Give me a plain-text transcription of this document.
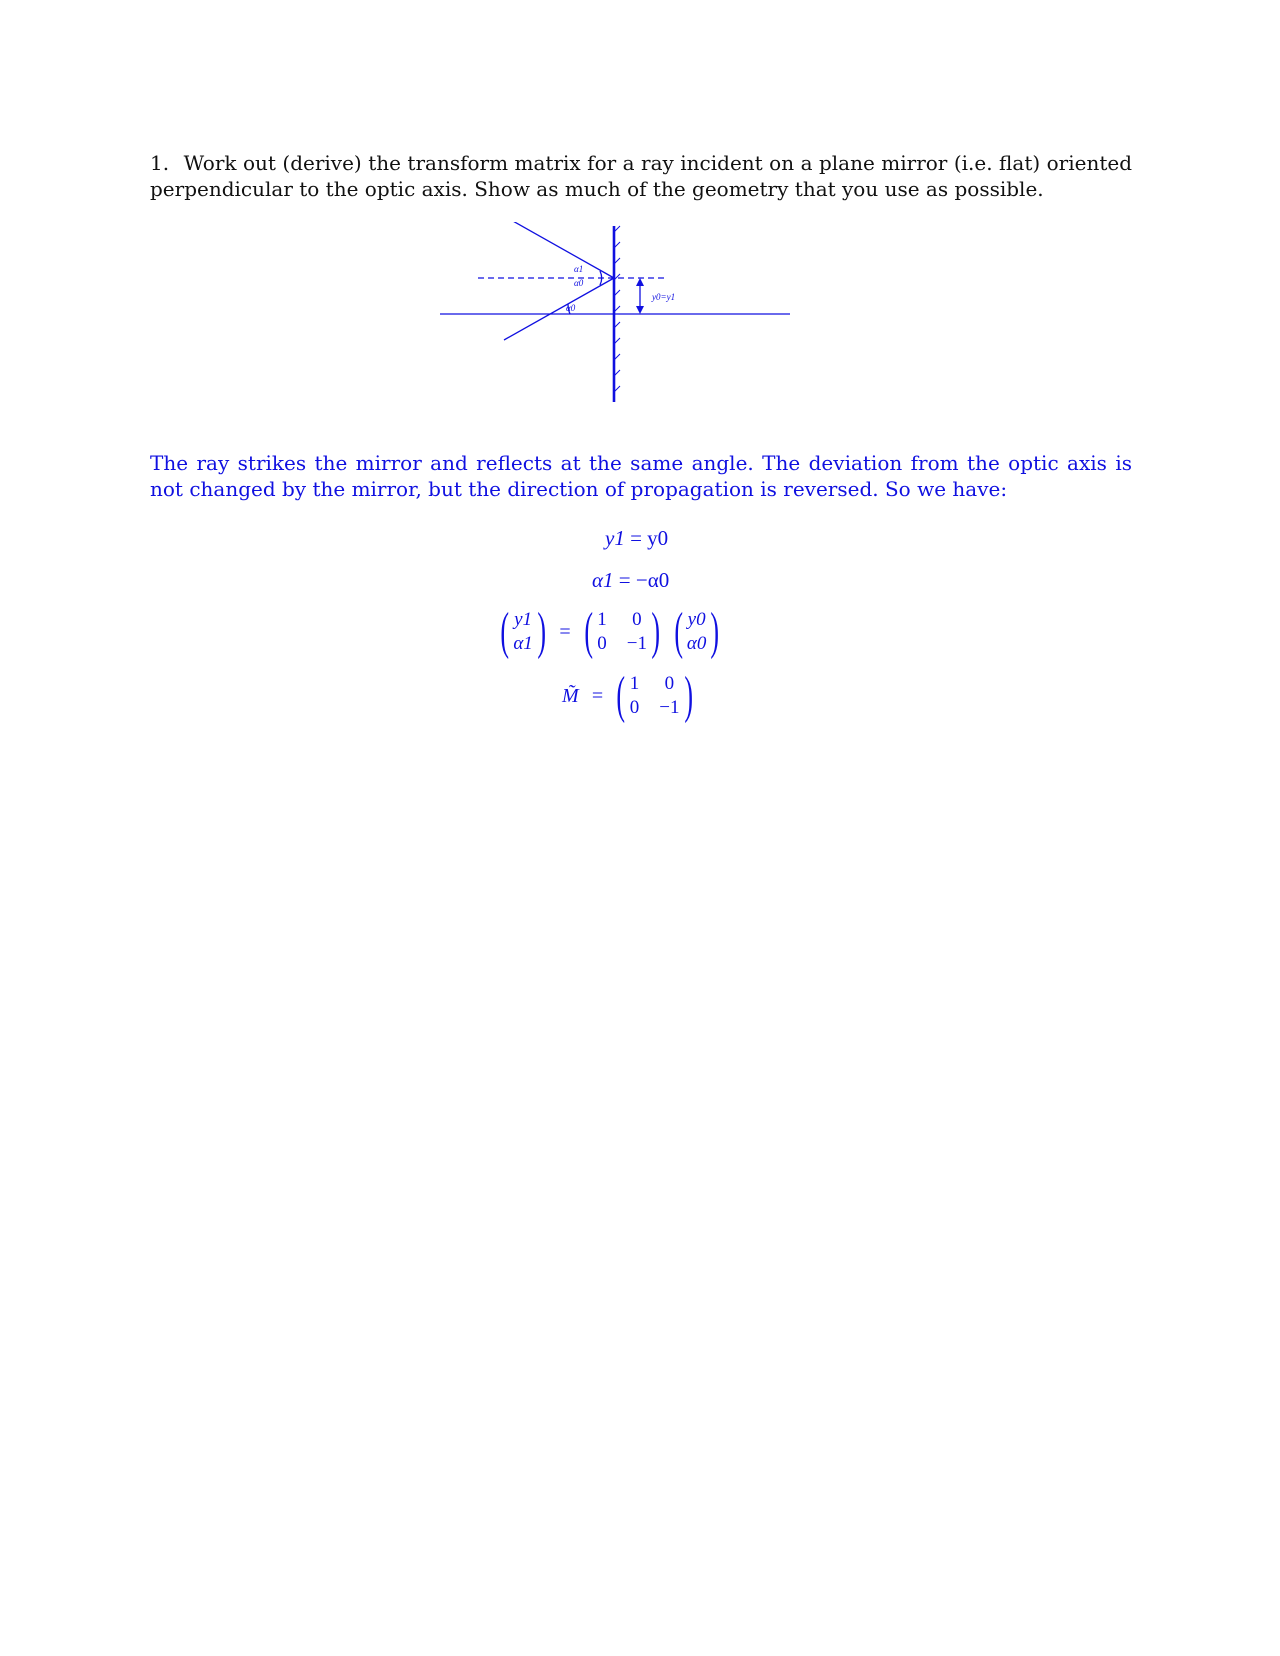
1. Work out (derive) the transform matrix for a ray incident on a plane mirror (i.e. flat) oriented perpendicular to the optic axis. Show as much of the geometry that you use as possible.
α1
α0
α0
y0=y1
The ray strikes the mirror and reflects at the same angle. The deviation from the optic axis is not changed by the mirror, but the direction of propagation is reversed. So we have:
y1 = y0
α1 = −α0
( y1
α1 ) = ( 1 0
0 −1 )
( y0
α0 )
M̃ = ( 1 0
0 −1 )
